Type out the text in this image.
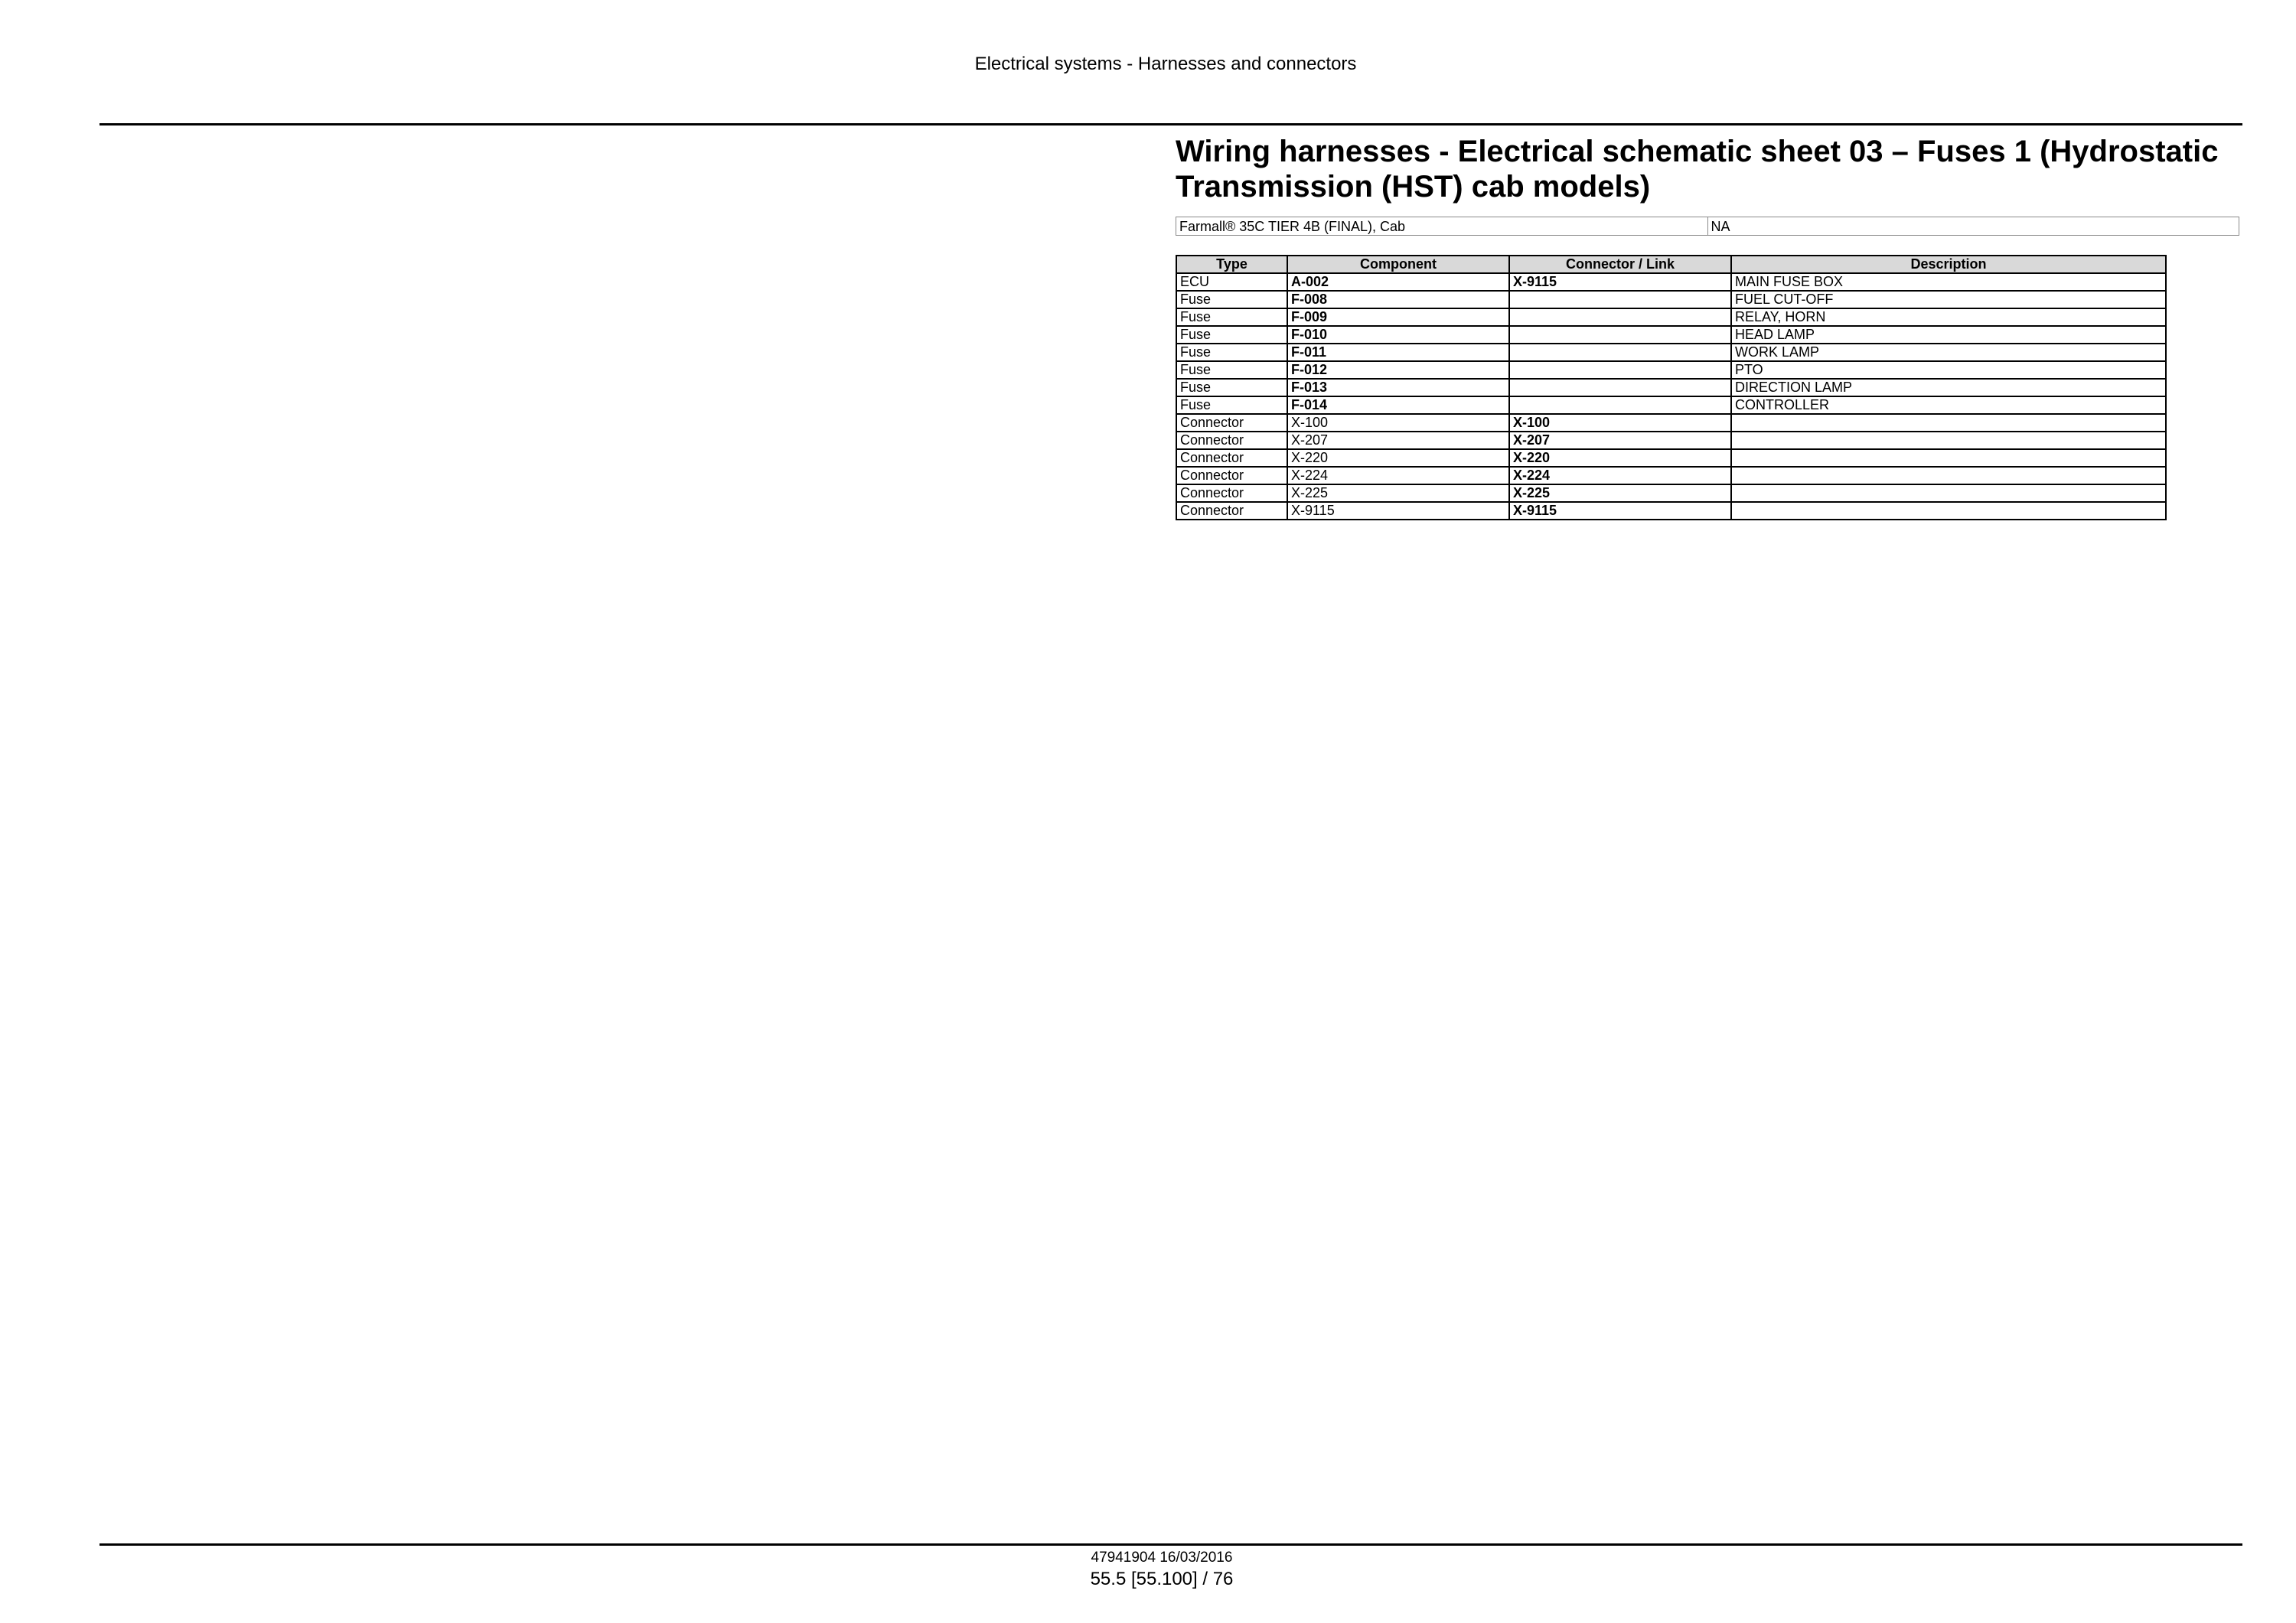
Electrical systems - Harnesses and connectors
Wiring harnesses - Electrical schematic sheet 03 – Fuses 1 (Hydrostatic Transmission (HST) cab models)
Farmall® 35C TIER 4B (FINAL), Cab	NA
Type	Component	Connector / Link	Description
ECU	A-002	X-9115	MAIN FUSE BOX
Fuse	F-008		FUEL CUT-OFF
Fuse	F-009		RELAY, HORN
Fuse	F-010		HEAD LAMP
Fuse	F-011		WORK LAMP
Fuse	F-012		PTO
Fuse	F-013		DIRECTION LAMP
Fuse	F-014		CONTROLLER
Connector	X-100	X-100	
Connector	X-207	X-207	
Connector	X-220	X-220	
Connector	X-224	X-224	
Connector	X-225	X-225	
Connector	X-9115	X-9115	
47941904 16/03/2016
55.5 [55.100] / 76
